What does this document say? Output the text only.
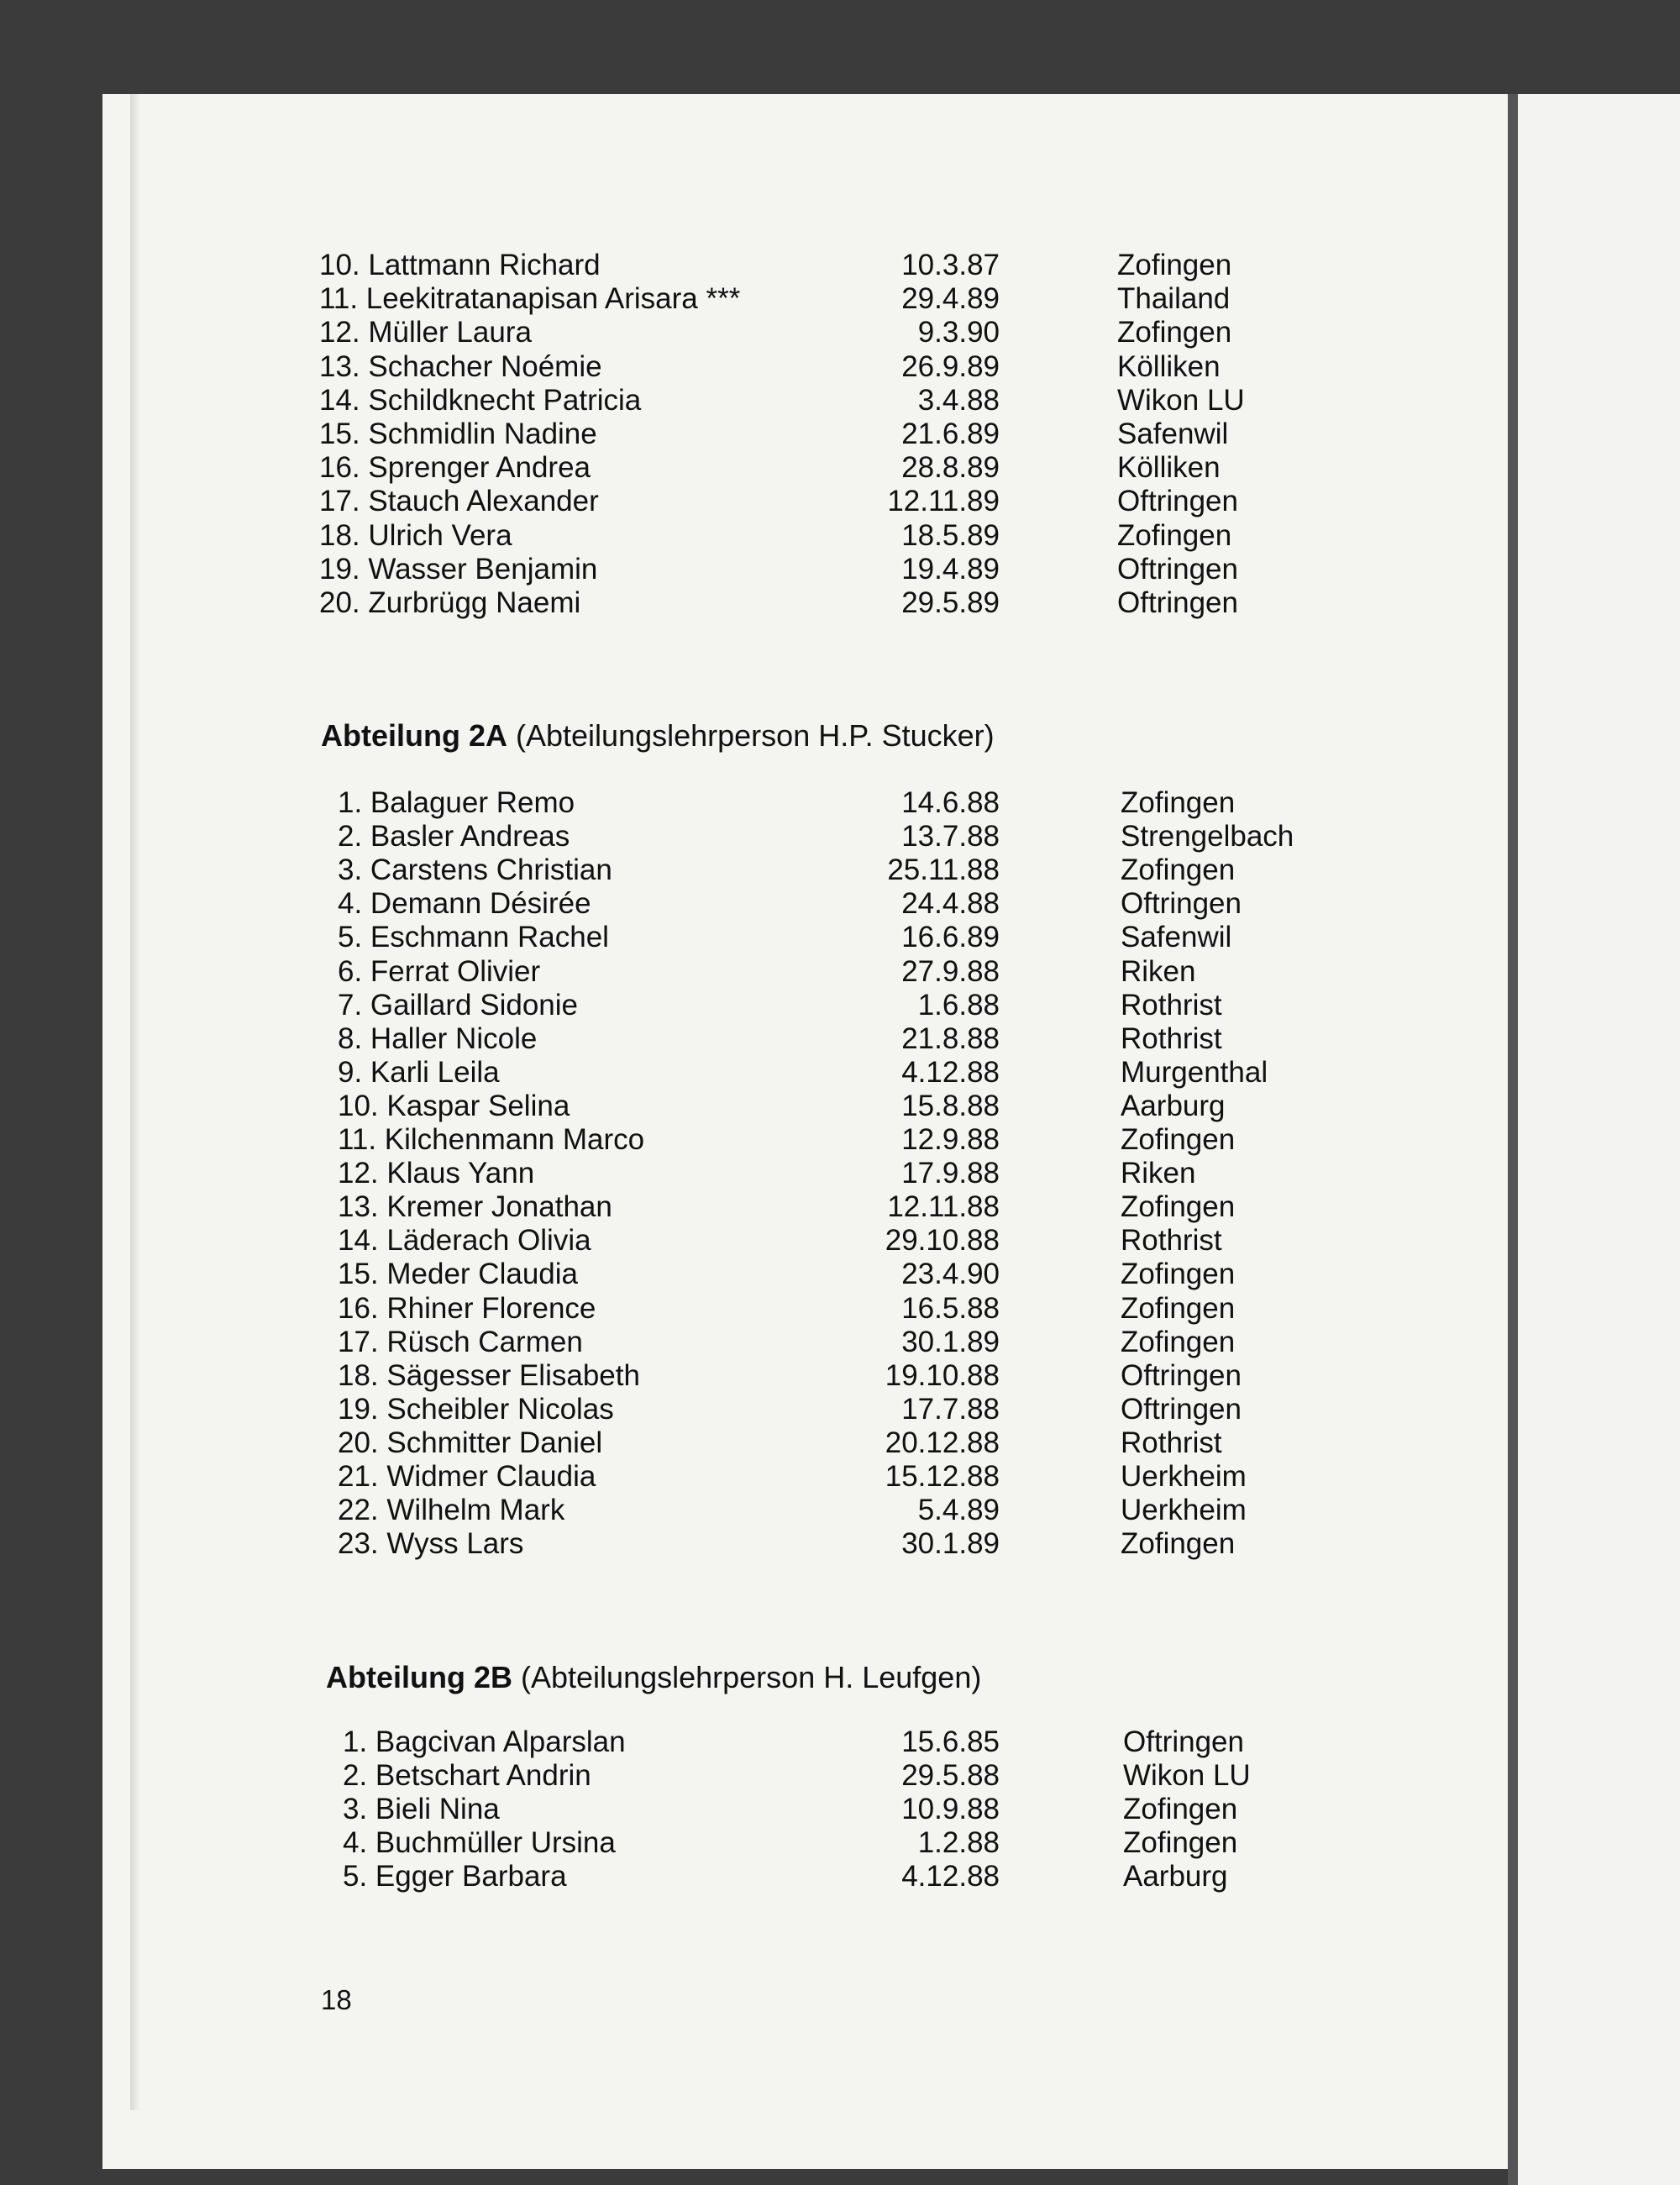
10. Lattmann Richard	10.3.87	Zofingen
11. Leekitratanapisan Arisara ***	29.4.89	Thailand
12. Müller Laura	9.3.90	Zofingen
13. Schacher Noémie	26.9.89	Kölliken
14. Schildknecht Patricia	3.4.88	Wikon LU
15. Schmidlin Nadine	21.6.89	Safenwil
16. Sprenger Andrea	28.8.89	Kölliken
17. Stauch Alexander	12.11.89	Oftringen
18. Ulrich Vera	18.5.89	Zofingen
19. Wasser Benjamin	19.4.89	Oftringen
20. Zurbrügg Naemi	29.5.89	Oftringen
Abteilung 2A (Abteilungslehrperson H.P. Stucker)
1. Balaguer Remo	14.6.88	Zofingen
2. Basler Andreas	13.7.88	Strengelbach
3. Carstens Christian	25.11.88	Zofingen
4. Demann Désirée	24.4.88	Oftringen
5. Eschmann Rachel	16.6.89	Safenwil
6. Ferrat Olivier	27.9.88	Riken
7. Gaillard Sidonie	1.6.88	Rothrist
8. Haller Nicole	21.8.88	Rothrist
9. Karli Leila	4.12.88	Murgenthal
10. Kaspar Selina	15.8.88	Aarburg
11. Kilchenmann Marco	12.9.88	Zofingen
12. Klaus Yann	17.9.88	Riken
13. Kremer Jonathan	12.11.88	Zofingen
14. Läderach Olivia	29.10.88	Rothrist
15. Meder Claudia	23.4.90	Zofingen
16. Rhiner Florence	16.5.88	Zofingen
17. Rüsch Carmen	30.1.89	Zofingen
18. Sägesser Elisabeth	19.10.88	Oftringen
19. Scheibler Nicolas	17.7.88	Oftringen
20. Schmitter Daniel	20.12.88	Rothrist
21. Widmer Claudia	15.12.88	Uerkheim
22. Wilhelm Mark	5.4.89	Uerkheim
23. Wyss Lars	30.1.89	Zofingen
Abteilung 2B (Abteilungslehrperson H. Leufgen)
1. Bagcivan Alparslan	15.6.85	Oftringen
2. Betschart Andrin	29.5.88	Wikon LU
3. Bieli Nina	10.9.88	Zofingen
4. Buchmüller Ursina	1.2.88	Zofingen
5. Egger Barbara	4.12.88	Aarburg
18
